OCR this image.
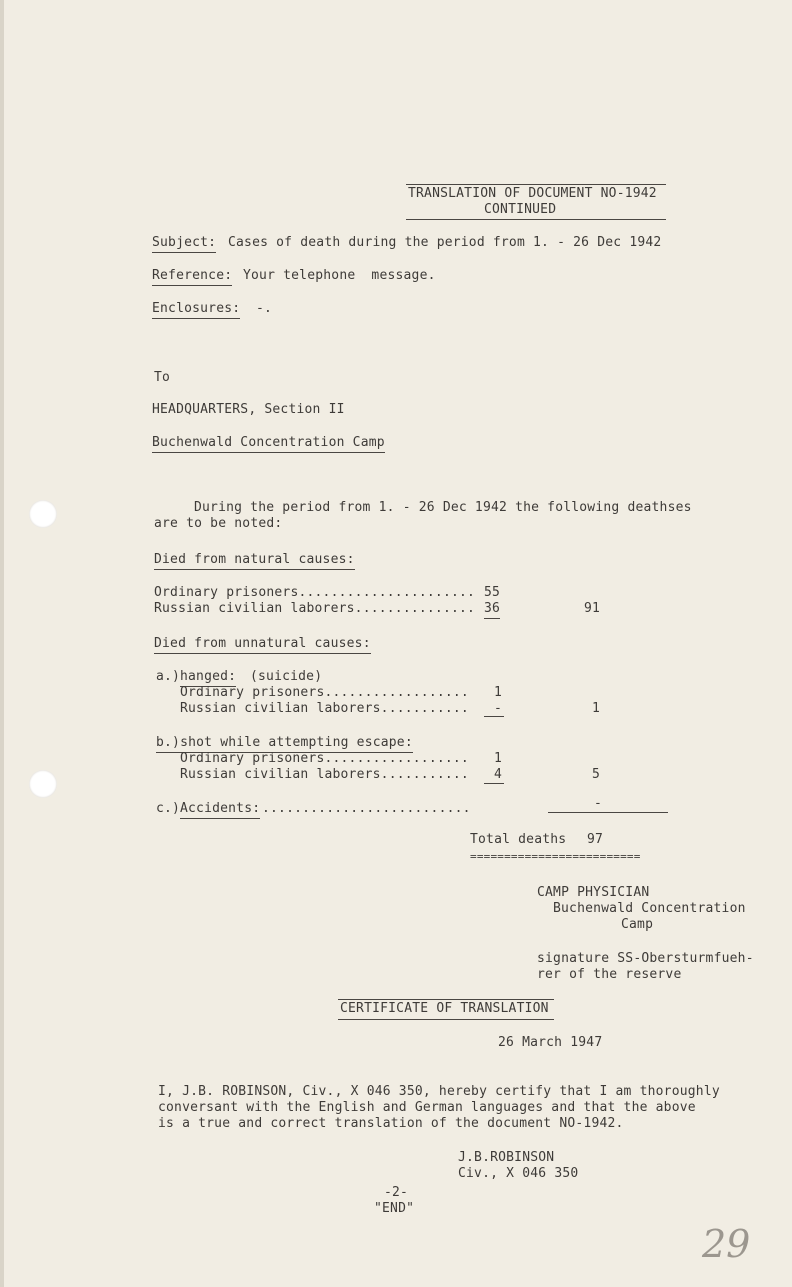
TRANSLATION OF DOCUMENT NO-1942
CONTINUED
Subject: Cases of death during the period from 1. - 26 Dec 1942
Reference: Your telephone  message.
Enclosures: -.
To
HEADQUARTERS, Section II
Buchenwald Concentration Camp
During the period from 1. - 26 Dec 1942 the following deathses
are to be noted:
Died from natural causes:
Ordinary prisoners...................... 55
Russian civilian laborers............... 36	91
Died from unnatural causes:
a.) hanged: (suicide)
Ordinary prisoners.................. 1
Russian civilian laborers........... -	1
b.)shot while attempting escape:
Ordinary prisoners.................. 1
Russian civilian laborers........... 4	5
c.) Accidents: ..........................	-
Total deaths 97
=========================
CAMP PHYSICIAN
Buchenwald Concentration
Camp
signature SS-Obersturmfueh-
rer of the reserve
CERTIFICATE OF TRANSLATION
26 March 1947
I, J.B. ROBINSON, Civ., X 046 350, hereby certify that I am thoroughly
conversant with the English and German languages and that the above
is a true and correct translation of the document NO-1942.
J.B.ROBINSON
Civ., X 046 350
-2-
"END"
29
